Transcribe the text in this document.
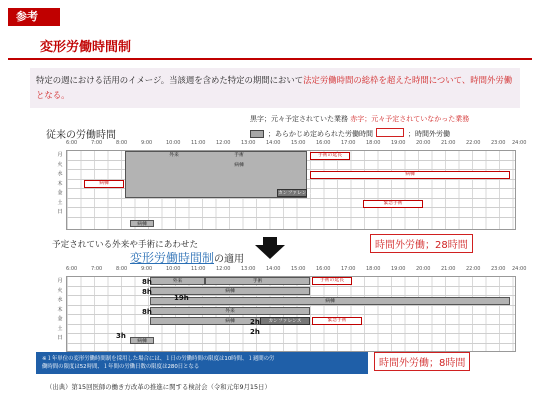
参考
変形労働時間制
特定の週における活用のイメージ。当該週を含めた特定の期間において法定労働時間の総枠を超えた時間について、時間外労働となる。
黒字；元々予定されていた業務 赤字；元々予定されていなかった業務
；あらかじめ定められた労働時間	；時間外労働
従来の労働時間
6:00	7:00	8:00	9:00	10:00 11:00 12:00 13:00 14:00 15:00 16:00 17:00 18:00 19:00 20:00 21:00 22:00 23:00 24:00
月
火
水
木
金
土
日
外来	手術
病棟
カンファレンス
病棟
手術の延長
病棟
病棟
緊急手術
時間外労働；28時間
予定されている外来や手術にあわせた
変形労働時間制の適用
6:00	7:00	8:00	9:00	10:00 11:00 12:00 13:00 14:00 15:00 16:00 17:00 18:00 19:00 20:00 21:00 22:00 23:00 24:00
月
火
水
木
金
土
日
外来	手術
病棟
病棟
外来
病棟	カンファレンス
病棟
手術の延長
緊急手術
8h
8h
19h
8h
2h
2h
3h
時間外労働；8時間
※１年単位の変形労働時間制を採用した場合には、１日の労働時間の限度は10時間、１週間の労
働時間の限度は52時間、１年間の労働日数の限度は280日となる
（出典）第15回医師の働き方改革の推進に関する検討会（令和元年9月15日）
